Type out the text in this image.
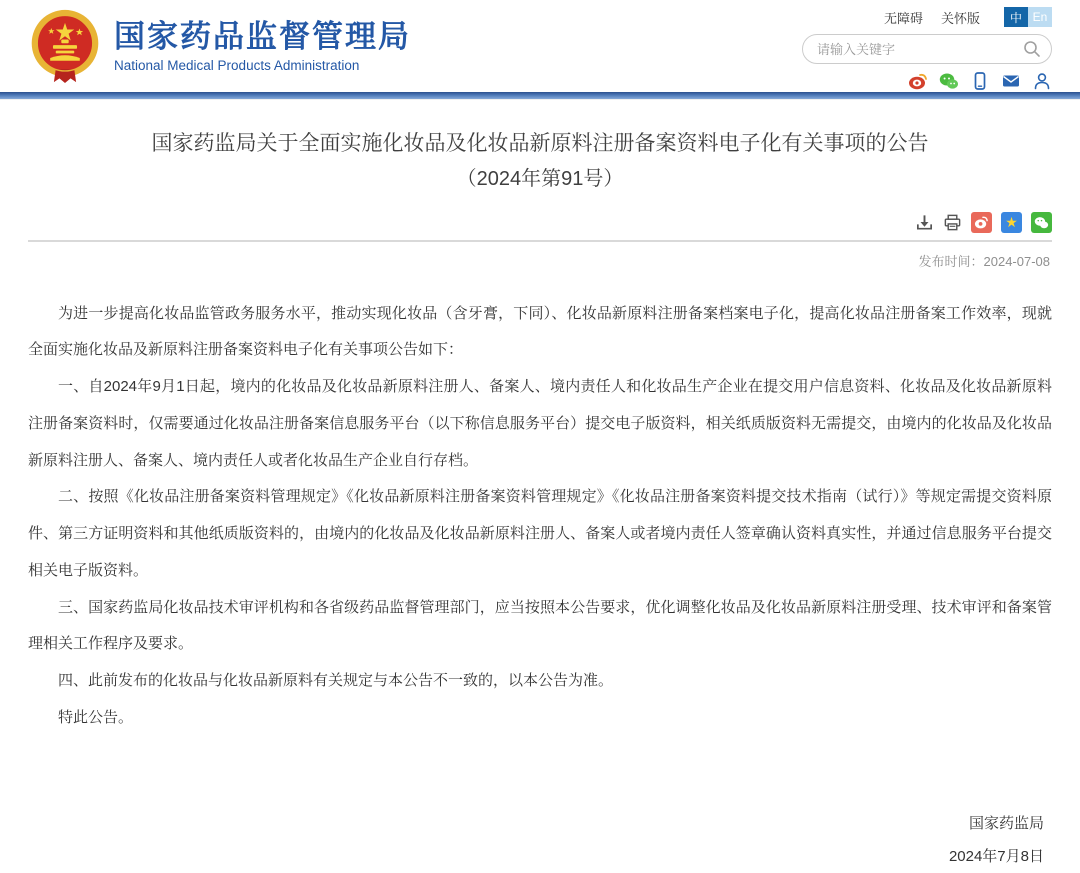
国家药品监督管理局
National Medical Products Administration
无障碍 关怀版	中 En
请输入关键字
国家药监局关于全面实施化妆品及化妆品新原料注册备案资料电子化有关事项的公告
（2024年第91号）
★
发布时间：2024-07-08

为进一步提高化妆品监管政务服务水平，推动实现化妆品（含牙膏，下同）、化妆品新原料注册备案档案电子化，提高化妆品注册备案工作效率，现就全面实施化妆品及新原料注册备案资料电子化有关事项公告如下：

一、自2024年9月1日起，境内的化妆品及化妆品新原料注册人、备案人、境内责任人和化妆品生产企业在提交用户信息资料、化妆品及化妆品新原料注册备案资料时，仅需要通过化妆品注册备案信息服务平台（以下称信息服务平台）提交电子版资料，相关纸质版资料无需提交，由境内的化妆品及化妆品新原料注册人、备案人、境内责任人或者化妆品生产企业自行存档。

二、按照《化妆品注册备案资料管理规定》《化妆品新原料注册备案资料管理规定》《化妆品注册备案资料提交技术指南（试行）》等规定需提交资料原件、第三方证明资料和其他纸质版资料的，由境内的化妆品及化妆品新原料注册人、备案人或者境内责任人签章确认资料真实性，并通过信息服务平台提交相关电子版资料。

三、国家药监局化妆品技术审评机构和各省级药品监督管理部门，应当按照本公告要求，优化调整化妆品及化妆品新原料注册受理、技术审评和备案管理相关工作程序及要求。

四、此前发布的化妆品与化妆品新原料有关规定与本公告不一致的，以本公告为准。

特此公告。

国家药监局
2024年7月8日
